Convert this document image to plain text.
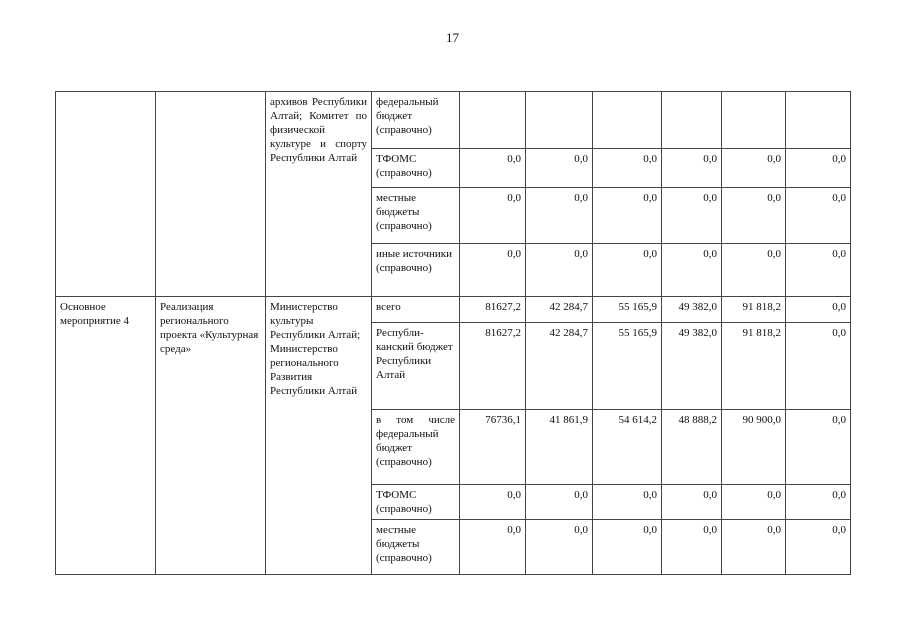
17
		архивов Республики Алтай; Комитет по физической культуре и спорту Республики Алтай	федеральный бюджет (справочно)						
			ТФОМС (справочно)	0,0	0,0	0,0	0,0	0,0	0,0
			местные бюджеты (справочно)	0,0	0,0	0,0	0,0	0,0	0,0
			иные источники (справочно)	0,0	0,0	0,0	0,0	0,0	0,0
Основное мероприятие 4	Реализация регионального проекта «Культурная среда»	Министерство культуры Республики Алтай; Министерство регионального Развития Республики Алтай	всего	81627,2	42 284,7	55 165,9	49 382,0	91 818,2	0,0
			Республи-канский бюджет Республики Алтай	81627,2	42 284,7	55 165,9	49 382,0	91 818,2	0,0
			в том числе федеральный бюджет (справочно)	76736,1	41 861,9	54 614,2	48 888,2	90 900,0	0,0
			ТФОМС (справочно)	0,0	0,0	0,0	0,0	0,0	0,0
			местные бюджеты (справочно)	0,0	0,0	0,0	0,0	0,0	0,0
